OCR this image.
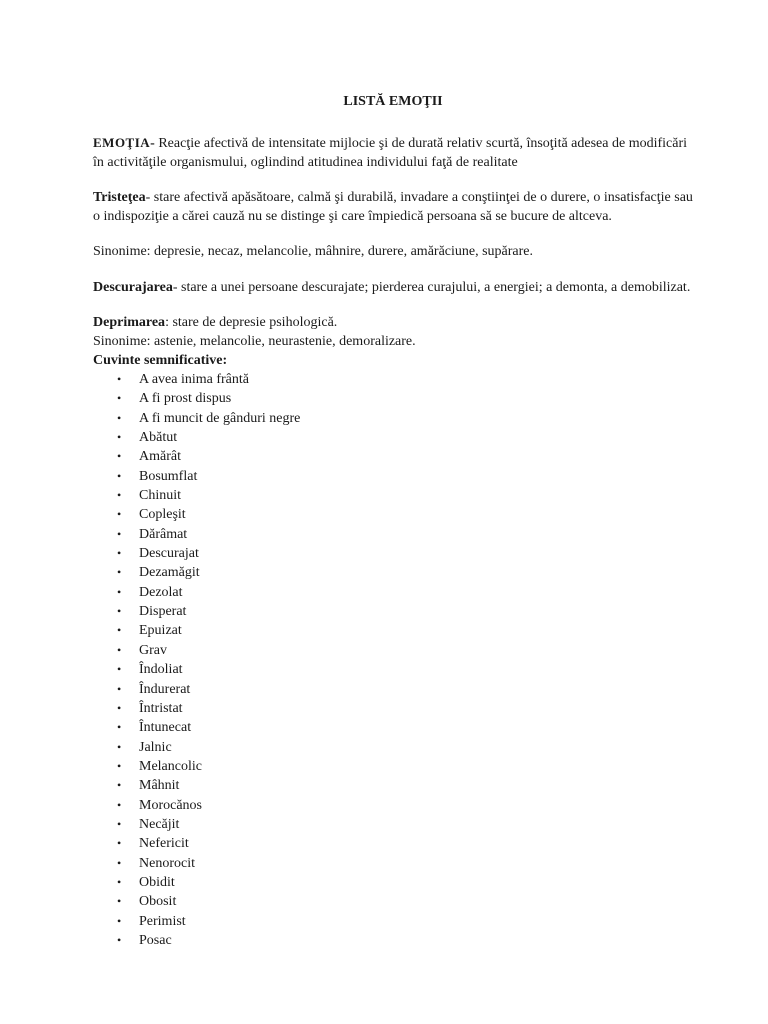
LISTĂ EMOŢII

EMOŢIA- Reacţie afectivă de intensitate mijlocie şi de durată relativ scurtă, însoţită adesea de modificări în activităţile organismului, oglindind atitudinea individului faţă de realitate

Tristeţea- stare afectivă apăsătoare, calmă şi durabilă, invadare a conştiinţei de o durere, o insatisfacţie sau o indispoziţie a cărei cauză nu se distinge şi care împiedică persoana să se bucure de altceva.

Sinonime: depresie, necaz, melancolie, mâhnire, durere, amărăciune, supărare.

Descurajarea- stare a unei persoane descurajate; pierderea curajului, a energiei; a demonta, a demobilizat.

Deprimarea: stare de depresie psihologică.

Sinonime: astenie, melancolie, neurastenie, demoralizare.

Cuvinte semnificative:

• A avea inima frântă
• A fi prost dispus
• A fi muncit de gânduri negre
• Abătut
• Amărât
• Bosumflat
• Chinuit
• Copleşit
• Dărâmat
• Descurajat
• Dezamăgit
• Dezolat
• Disperat
• Epuizat
• Grav
• Îndoliat
• Îndurerat
• Întristat
• Întunecat
• Jalnic
• Melancolic
• Mâhnit
• Morocănos
• Necăjit
• Nefericit
• Nenorocit
• Obidit
• Obosit
• Perimist
• Posac
